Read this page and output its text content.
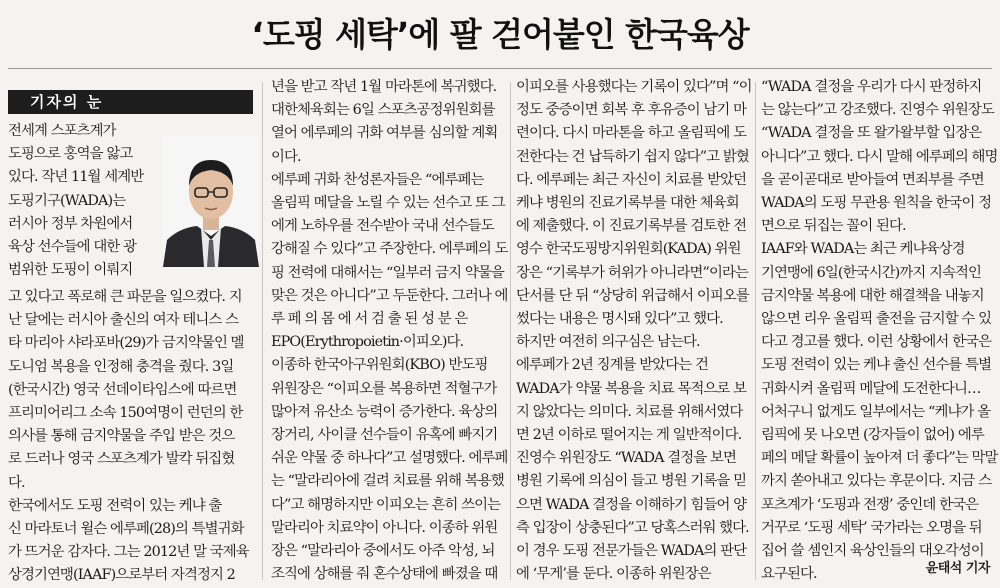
‘도핑 세탁’에 팔 걷어붙인 한국육상
기자의 눈
전세계 스포츠계가
도핑으로 홍역을 앓고
있다. 작년 11월 세계반
도핑기구(WADA)는
러시아 정부 차원에서
육상 선수들에 대한 광
범위한 도핑이 이뤄지
고 있다고 폭로해 큰 파문을 일으켰다. 지
난 달에는 러시아 출신의 여자 테니스 스
타 마리아 샤라포바(29)가 금지약물인 멜
도니엄 복용을 인정해 충격을 줬다. 3일
(한국시간) 영국 선데이타임스에 따르면
프리미어리그 소속 150여명이 런던의 한
의사를 통해 금지약물을 주입 받은 것으
로 드러나 영국 스포츠계가 발칵 뒤집혔
다.
한국에서도 도핑 전력이 있는 케냐 출
신 마라토너 윌슨 에루페(28)의 특별귀화
가 뜨거운 감자다. 그는 2012년 말 국제육
상경기연맹(IAAF)으로부터 자격정지 2
년을 받고 작년 1월 마라톤에 복귀했다.
대한체육회는 6일 스포츠공정위원회를
열어 에루페의 귀화 여부를 심의할 계획
이다.
에루페 귀화 찬성론자들은 “에루페는
올림픽 메달을 노릴 수 있는 선수고 또 그
에게 노하우를 전수받아 국내 선수들도
강해질 수 있다”고 주장한다. 에루페의 도
핑 전력에 대해서는 “일부러 금지 약물을
맞은 것은 아니다”고 두둔한다. 그러나 에
루 페 의 몸 에 서 검 출 된 성 분 은
EPO(Erythropoietin·이피오)다.
이종하 한국아구위원회(KBO) 반도핑
위원장은 “이피오를 복용하면 적혈구가
많아져 유산소 능력이 증가한다. 육상의
장거리, 사이클 선수들이 유혹에 빠지기
쉬운 약물 중 하나다”고 설명했다. 에루페
는 “말라리아에 걸려 치료를 위해 복용했
다”고 해명하지만 이피오는 흔히 쓰이는
말라리아 치료약이 아니다. 이종하 위원
장은 “말라리아 중에서도 아주 악성, 뇌
조직에 상해를 줘 혼수상태에 빠졌을 때
이피오를 사용했다는 기록이 있다”며 “이
정도 중증이면 회복 후 후유증이 남기 마
련이다. 다시 마라톤을 하고 올림픽에 도
전한다는 건 납득하기 쉽지 않다”고 밝혔
다. 에루페는 최근 자신이 치료를 받았던
케냐 병원의 진료기록부를 대한 체육회
에 제출했다. 이 진료기록부를 검토한 전
영수 한국도핑방지위원회(KADA) 위원
장은 “기록부가 허위가 아니라면”이라는
단서를 단 뒤 “상당히 위급해서 이피오를
썼다는 내용은 명시돼 있다”고 했다.
하지만 여전히 의구심은 남는다.
에루페가 2년 징계를 받았다는 건
WADA가 약물 복용을 치료 목적으로 보
지 않았다는 의미다. 치료를 위해서였다
면 2년 이하로 떨어지는 게 일반적이다.
진영수 위원장도 “WADA 결정을 보면
병원 기록에 의심이 들고 병원 기록을 믿
으면 WADA 결정을 이해하기 힘들어 양
측 입장이 상충된다”고 당혹스러워 했다.
이 경우 도핑 전문가들은 WADA의 판단
에 ‘무게’를 둔다. 이종하 위원장은
“WADA 결정을 우리가 다시 판정하지
는 않는다”고 강조했다. 진영수 위원장도
“WADA 결정을 또 왈가왈부할 입장은
아니다”고 했다. 다시 말해 에루페의 해명
을 곧이곧대로 받아들여 면죄부를 주면
WADA의 도핑 무관용 원칙을 한국이 정
면으로 뒤집는 꼴이 된다.
IAAF와 WADA는 최근 케냐육상경
기연맹에 6일(한국시간)까지 지속적인
금지약물 복용에 대한 해결책을 내놓지
않으면 리우 올림픽 출전을 금지할 수 있
다고 경고를 했다. 이런 상황에서 한국은
도핑 전력이 있는 케냐 출신 선수를 특별
귀화시켜 올림픽 메달에 도전한다니…
어처구니 없게도 일부에서는 “케냐가 올
림픽에 못 나오면 (강자들이 없어) 에루
페의 메달 확률이 높아져 더 좋다”는 막말
까지 쏟아내고 있다는 후문이다. 지금 스
포츠계가 ‘도핑과 전쟁’ 중인데 한국은
거꾸로 ‘도핑 세탁’ 국가라는 오명을 뒤
집어 쓸 셈인지 육상인들의 대오각성이
요구된다.	윤태석 기자
